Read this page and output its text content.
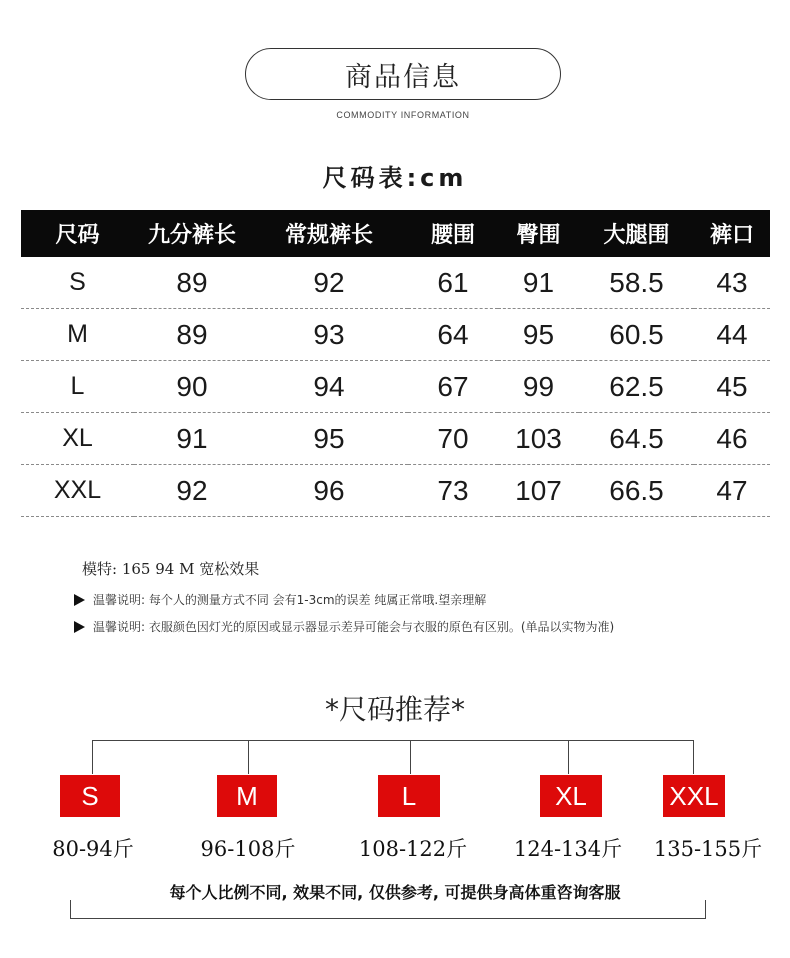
商品信息
COMMODITY INFORMATION
尺码表:cm
尺码	九分裤长	常规裤长	腰围	臀围	大腿围	裤口
S	89	92	61	91	58.5	43
M	89	93	64	95	60.5	44
L	90	94	67	99	62.5	45
XL	91	95	70	103	64.5	46
XXL	92	96	73	107	66.5	47
模特: 165 94 M 宽松效果
温馨说明: 每个人的测量方式不同 会有1-3cm的误差 纯属正常哦.望亲理解
温馨说明: 衣服颜色因灯光的原因或显示器显示差异可能会与衣服的原色有区别。(单品以实物为准)
*尺码推荐*
S	M	L	XL	XXL
80-94斤	96-108斤	108-122斤	124-134斤	135-155斤
每个人比例不同, 效果不同, 仅供参考, 可提供身高体重咨询客服
